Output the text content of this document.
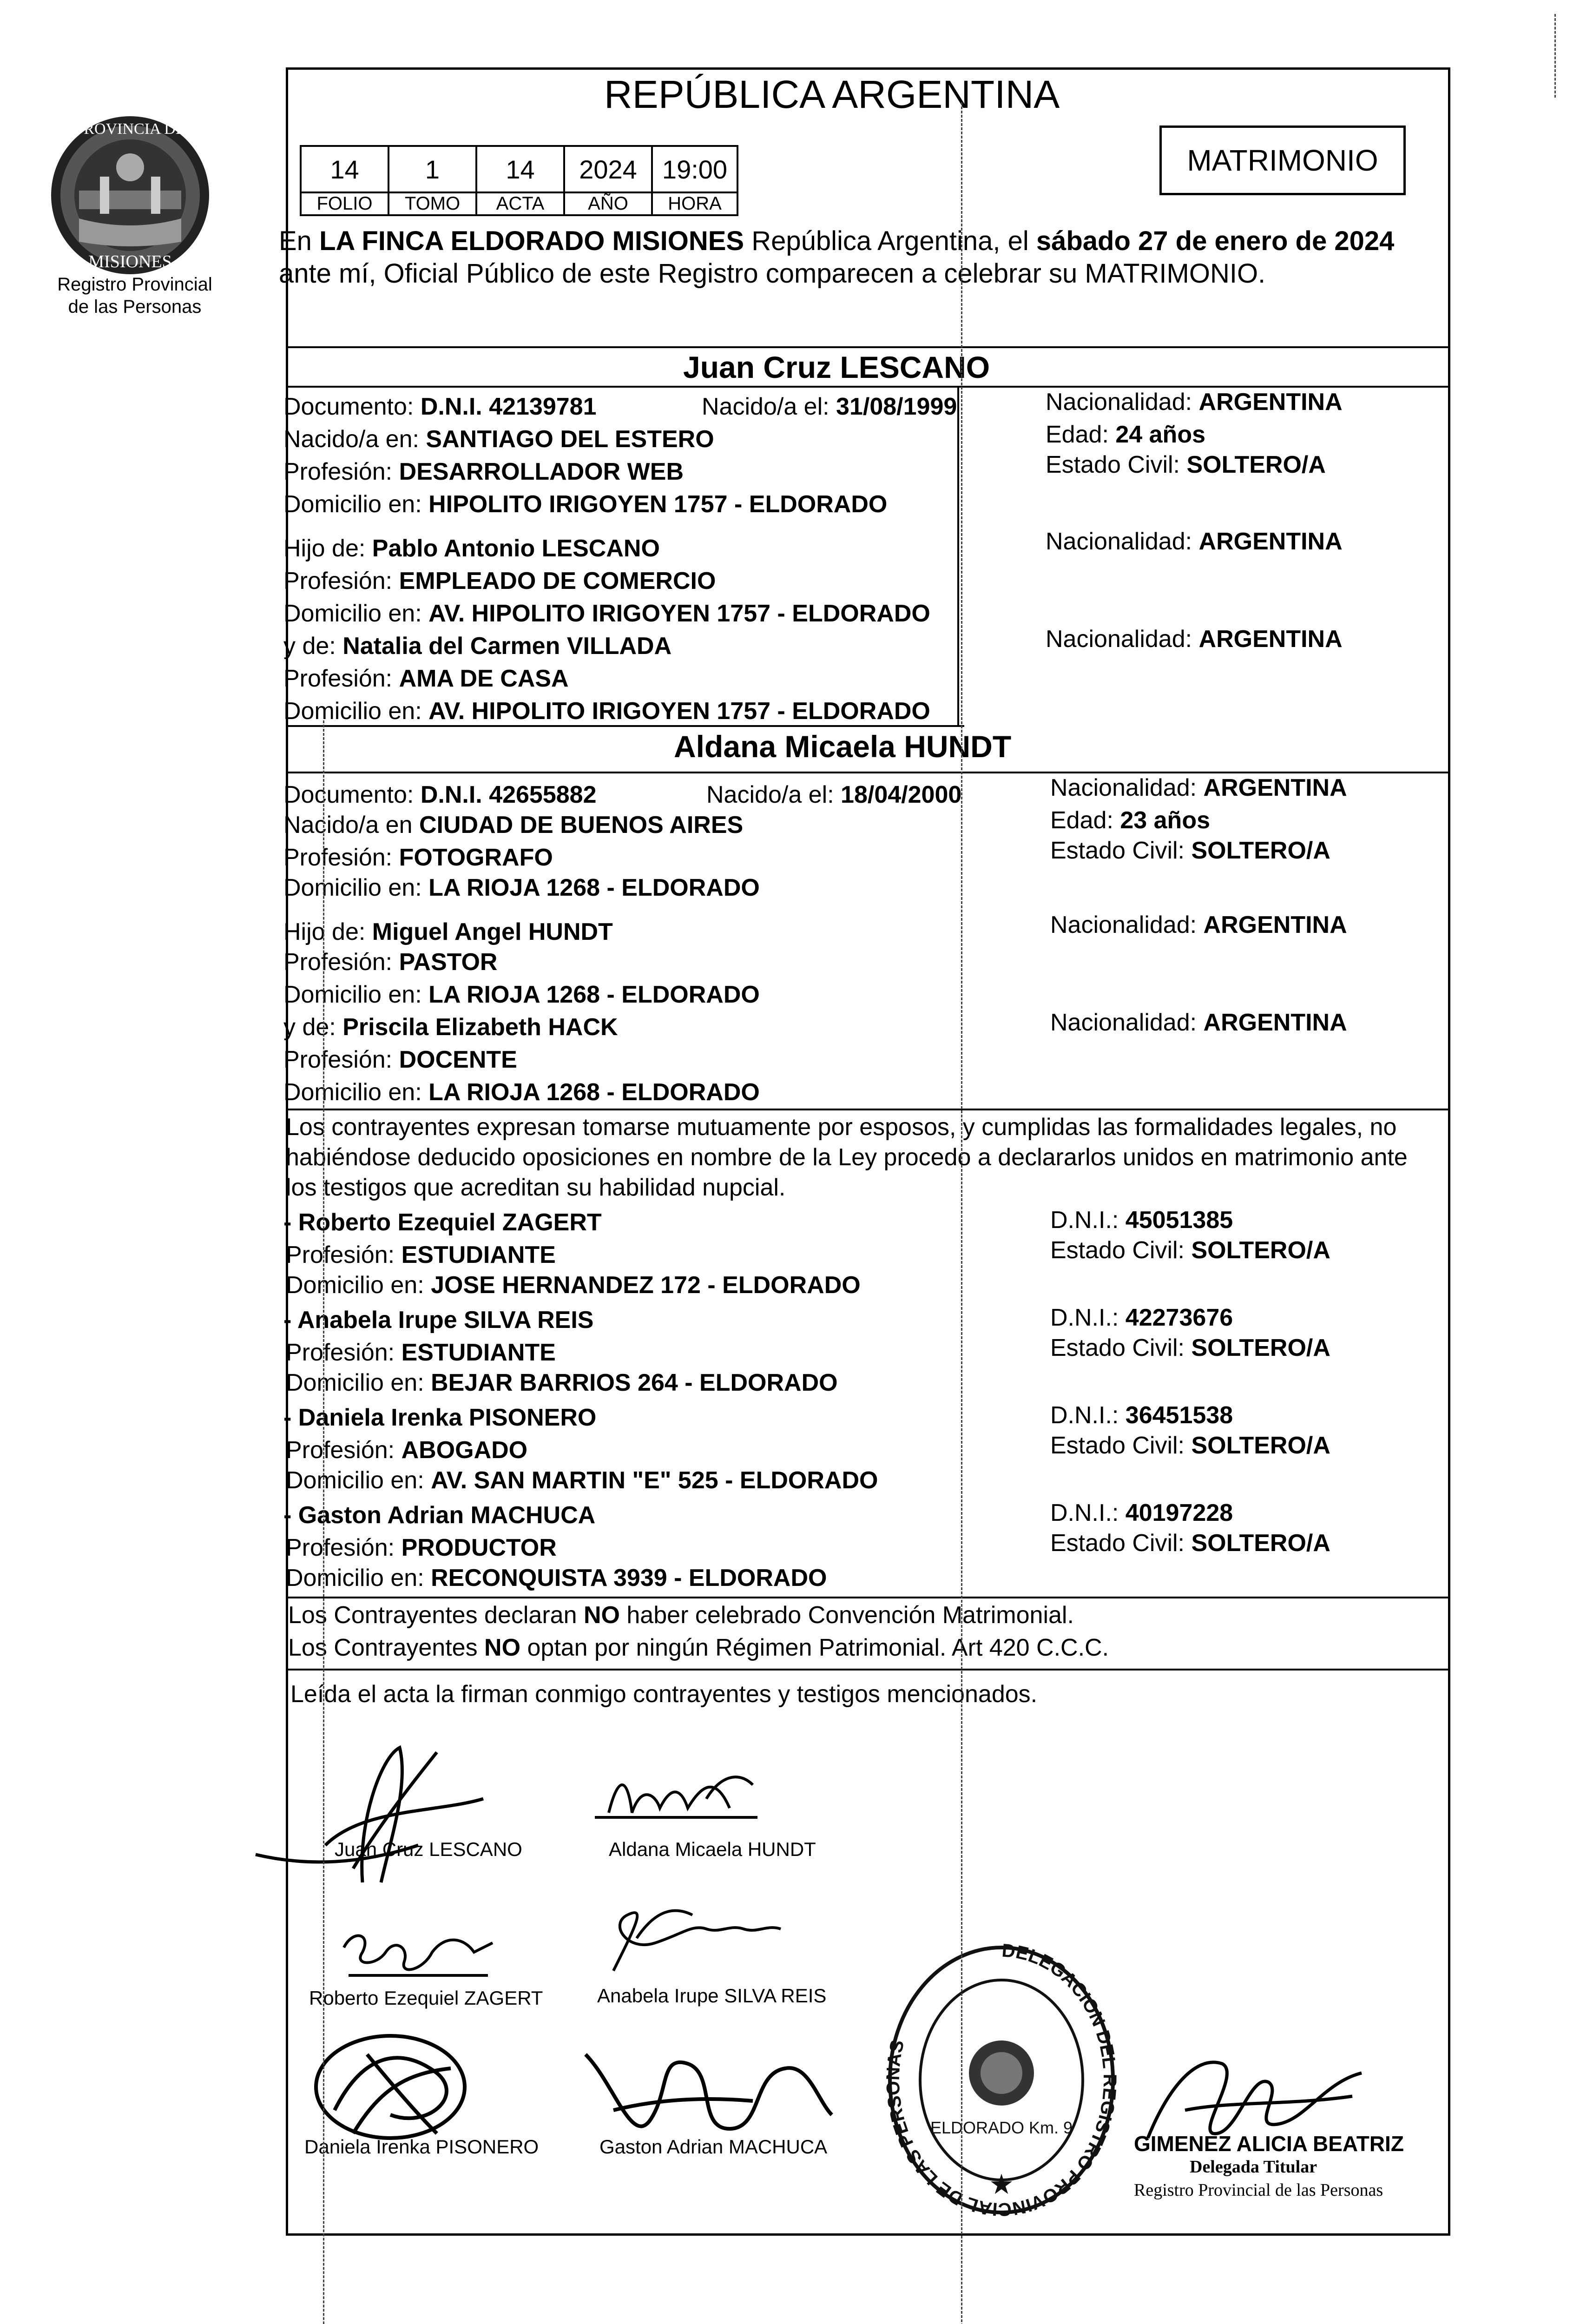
PROVINCIA DE
MISIONES
Registro Provincial
de las Personas
REPÚBLICA ARGENTINA
14	1	14	2024	19:00
FOLIO	TOMO	ACTA	AÑO	HORA
MATRIMONIO
En LA FINCA ELDORADO MISIONES República Argentina, el sábado 27 de enero de 2024
ante mí, Oficial Público de este Registro comparecen a celebrar su MATRIMONIO.
Juan Cruz LESCANO
Documento: D.N.I. 42139781	Nacido/a el: 31/08/1999	Nacionalidad: ARGENTINA
Nacido/a en: SANTIAGO DEL ESTERO	Edad: 24 años
Profesión: DESARROLLADOR WEB	Estado Civil: SOLTERO/A
Domicilio en: HIPOLITO IRIGOYEN 1757 - ELDORADO
Hijo de: Pablo Antonio LESCANO	Nacionalidad: ARGENTINA
Profesión: EMPLEADO DE COMERCIO
Domicilio en: AV. HIPOLITO IRIGOYEN 1757 - ELDORADO
y de: Natalia del Carmen VILLADA	Nacionalidad: ARGENTINA
Profesión: AMA DE CASA
Domicilio en: AV. HIPOLITO IRIGOYEN 1757 - ELDORADO
Aldana Micaela HUNDT
Documento: D.N.I. 42655882	Nacido/a el: 18/04/2000	Nacionalidad: ARGENTINA
Nacido/a en CIUDAD DE BUENOS AIRES	Edad: 23 años
Profesión: FOTOGRAFO	Estado Civil: SOLTERO/A
Domicilio en: LA RIOJA 1268 - ELDORADO
Hijo de: Miguel Angel HUNDT	Nacionalidad: ARGENTINA
Profesión: PASTOR
Domicilio en: LA RIOJA 1268 - ELDORADO
y de: Priscila Elizabeth HACK	Nacionalidad: ARGENTINA
Profesión: DOCENTE
Domicilio en: LA RIOJA 1268 - ELDORADO
Los contrayentes expresan tomarse mutuamente por esposos, y cumplidas las formalidades legales, no
habiéndose deducido oposiciones en nombre de la Ley procedo a declararlos unidos en matrimonio ante
los testigos que acreditan su habilidad nupcial.
- Roberto Ezequiel ZAGERT	D.N.I.: 45051385
Profesión: ESTUDIANTE	Estado Civil: SOLTERO/A
Domicilio en: JOSE HERNANDEZ 172 - ELDORADO
- Anabela Irupe SILVA REIS	D.N.I.: 42273676
Profesión: ESTUDIANTE	Estado Civil: SOLTERO/A
Domicilio en: BEJAR BARRIOS 264 - ELDORADO
- Daniela Irenka PISONERO	D.N.I.: 36451538
Profesión: ABOGADO	Estado Civil: SOLTERO/A
Domicilio en: AV. SAN MARTIN "E" 525 - ELDORADO
- Gaston Adrian MACHUCA	D.N.I.: 40197228
Profesión: PRODUCTOR	Estado Civil: SOLTERO/A
Domicilio en: RECONQUISTA 3939 - ELDORADO
Los Contrayentes declaran NO haber celebrado Convención Matrimonial.
Los Contrayentes NO optan por ningún Régimen Patrimonial. Art 420 C.C.C.
Leída el acta la firman conmigo contrayentes y testigos mencionados.
Juan Cruz LESCANO	Aldana Micaela HUNDT
Roberto Ezequiel ZAGERT	Anabela Irupe SILVA REIS
Daniela Irenka PISONERO	Gaston Adrian MACHUCA
DELEGACION DEL REGISTRO PROVINCIAL DE LAS PERSONAS
ELDORADO Km. 9
★
GIMENEZ ALICIA BEATRIZ
Delegada Titular
Registro Provincial de las Personas
